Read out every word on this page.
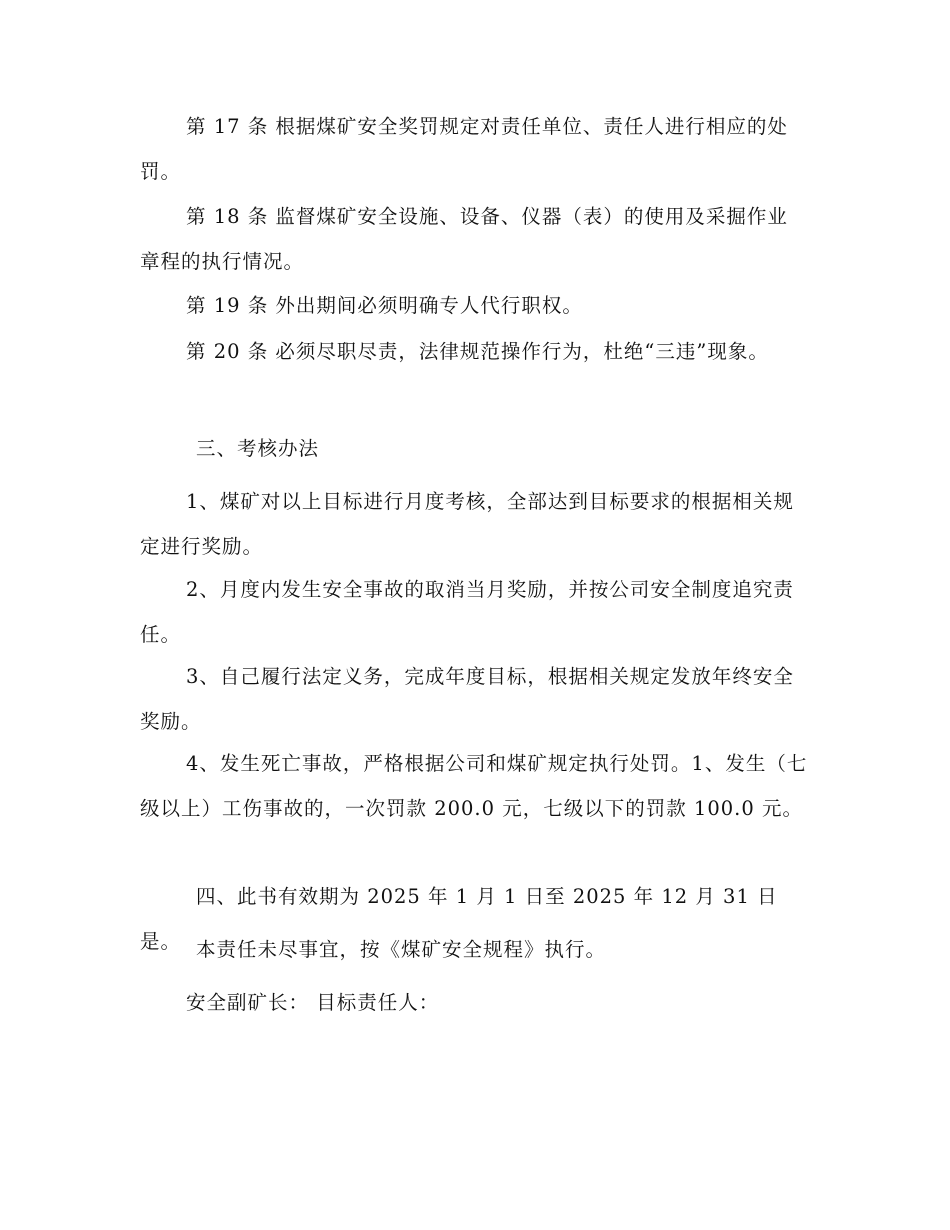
第 17 条 根据煤矿安全奖罚规定对责任单位、责任人进行相应的处罚。

第 18 条 监督煤矿安全设施、设备、仪器（表）的使用及采掘作业章程的执行情况。

第 19 条 外出期间必须明确专人代行职权。

第 20 条 必须尽职尽责，法律规范操作行为，杜绝“三违”现象。

三、考核办法

1、煤矿对以上目标进行月度考核，全部达到目标要求的根据相关规定进行奖励。

2、月度内发生安全事故的取消当月奖励，并按公司安全制度追究责任。

3、自己履行法定义务，完成年度目标，根据相关规定发放年终安全奖励。

4、发生死亡事故，严格根据公司和煤矿规定执行处罚。1、发生（七级以上）工伤事故的，一次罚款 200.0 元，七级以下的罚款 100.0 元。

四、此书有效期为 2025 年 1 月 1 日至 2025 年 12 月 31 日是。 本责任未尽事宜，按《煤矿安全规程》执行。

安全副矿长： 目标责任人：
